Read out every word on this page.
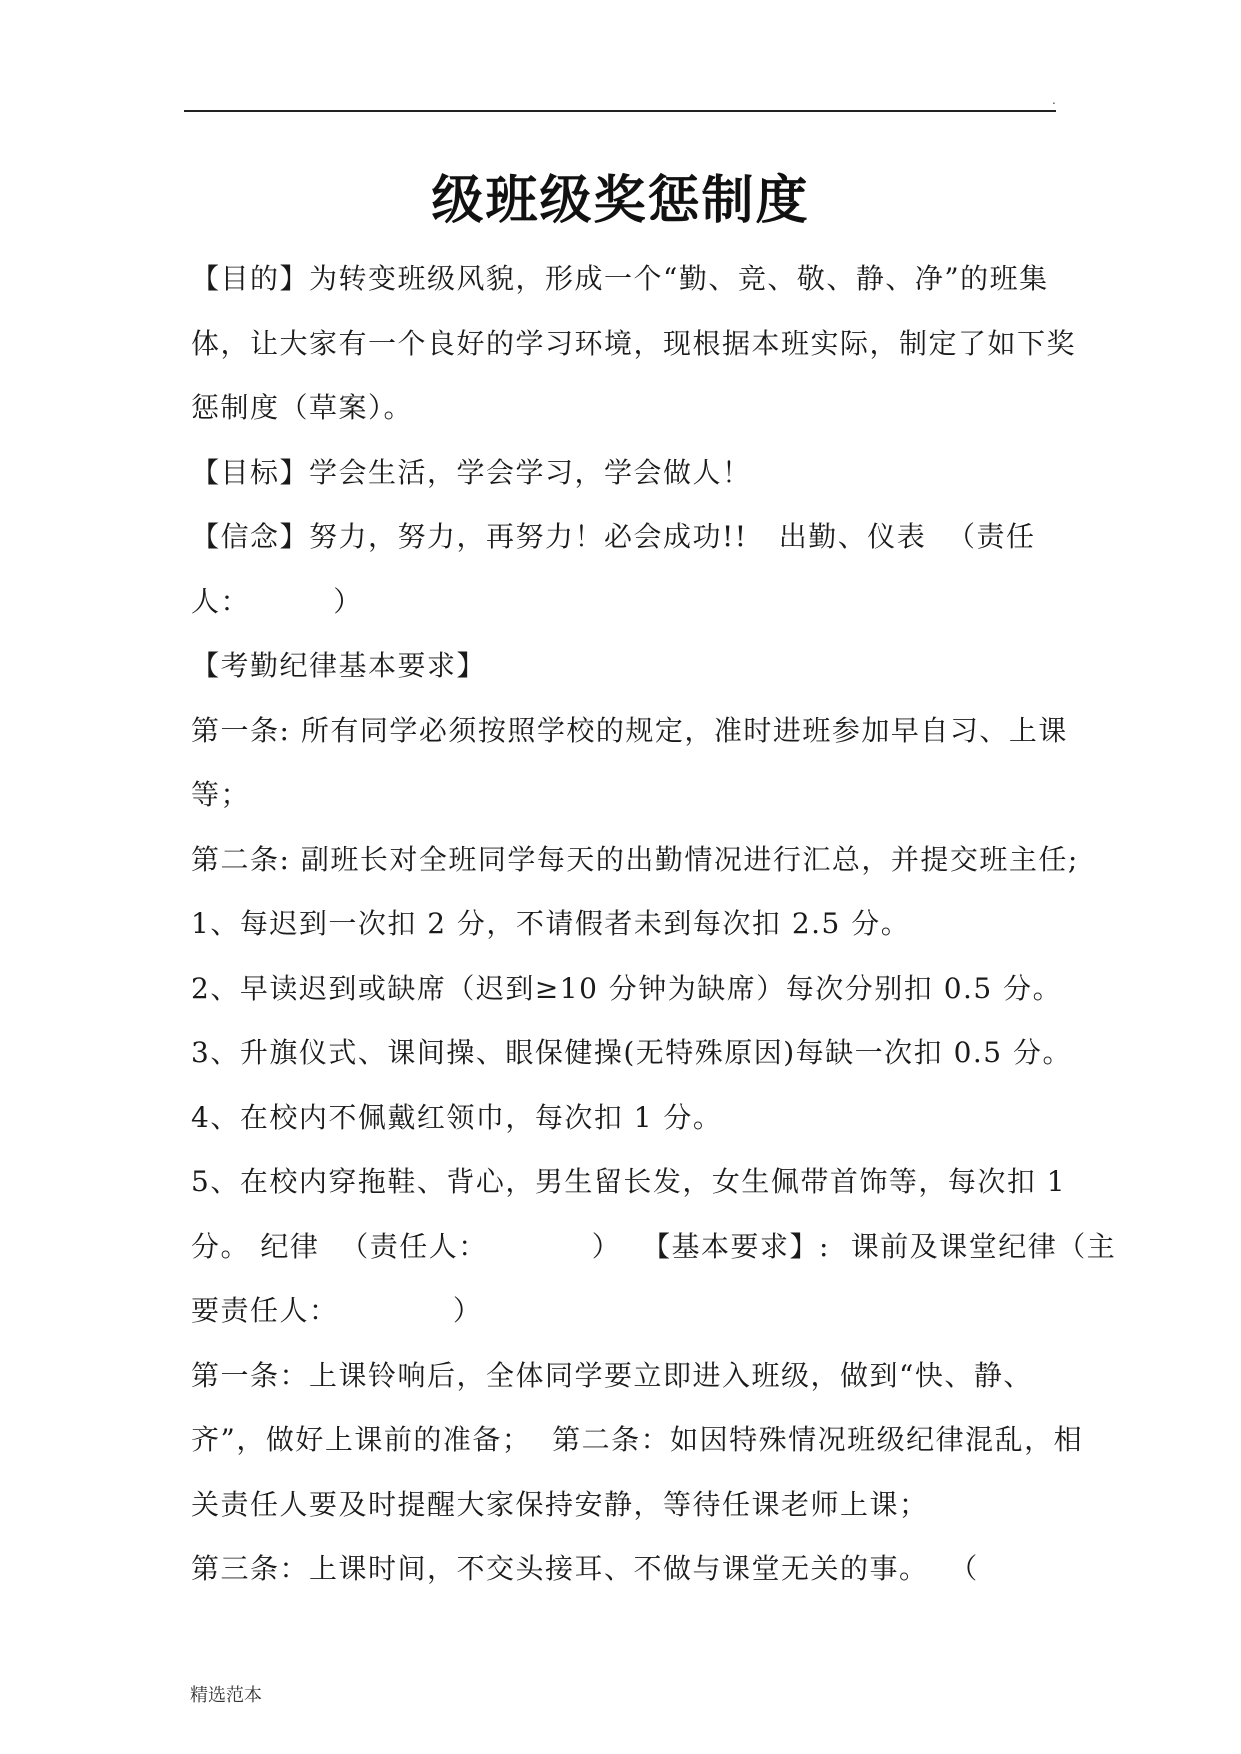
.
级班级奖惩制度
【目的】为转变班级风貌，形成一个“勤、竞、敬、静、净”的班集
体，让大家有一个良好的学习环境，现根据本班实际，制定了如下奖
惩制度（草案）。
【目标】学会生活，学会学习，学会做人！
【信念】努力，努力，再努力！必会成功!!   出勤、仪表  （责任
人：        ）
【考勤纪律基本要求】
第一条: 所有同学必须按照学校的规定，准时进班参加早自习、上课
等；
第二条: 副班长对全班同学每天的出勤情况进行汇总，并提交班主任;
1、每迟到一次扣 2 分，不请假者未到每次扣 2.5 分。
2、早读迟到或缺席（迟到≥10 分钟为缺席）每次分别扣 0.5 分。
3、升旗仪式、课间操、眼保健操(无特殊原因)每缺一次扣 0.5 分。
4、在校内不佩戴红领巾，每次扣 1 分。
5、在校内穿拖鞋、背心，男生留长发，女生佩带首饰等，每次扣 1
分。 纪律  （责任人：          ）  【基本要求】:  课前及课堂纪律（主
要责任人：           ）
第一条：上课铃响后，全体同学要立即进入班级，做到“快、静、
齐”，做好上课前的准备；  第二条：如因特殊情况班级纪律混乱，相
关责任人要及时提醒大家保持安静，等待任课老师上课；
第三条：上课时间，不交头接耳、不做与课堂无关的事。  （
精选范本
